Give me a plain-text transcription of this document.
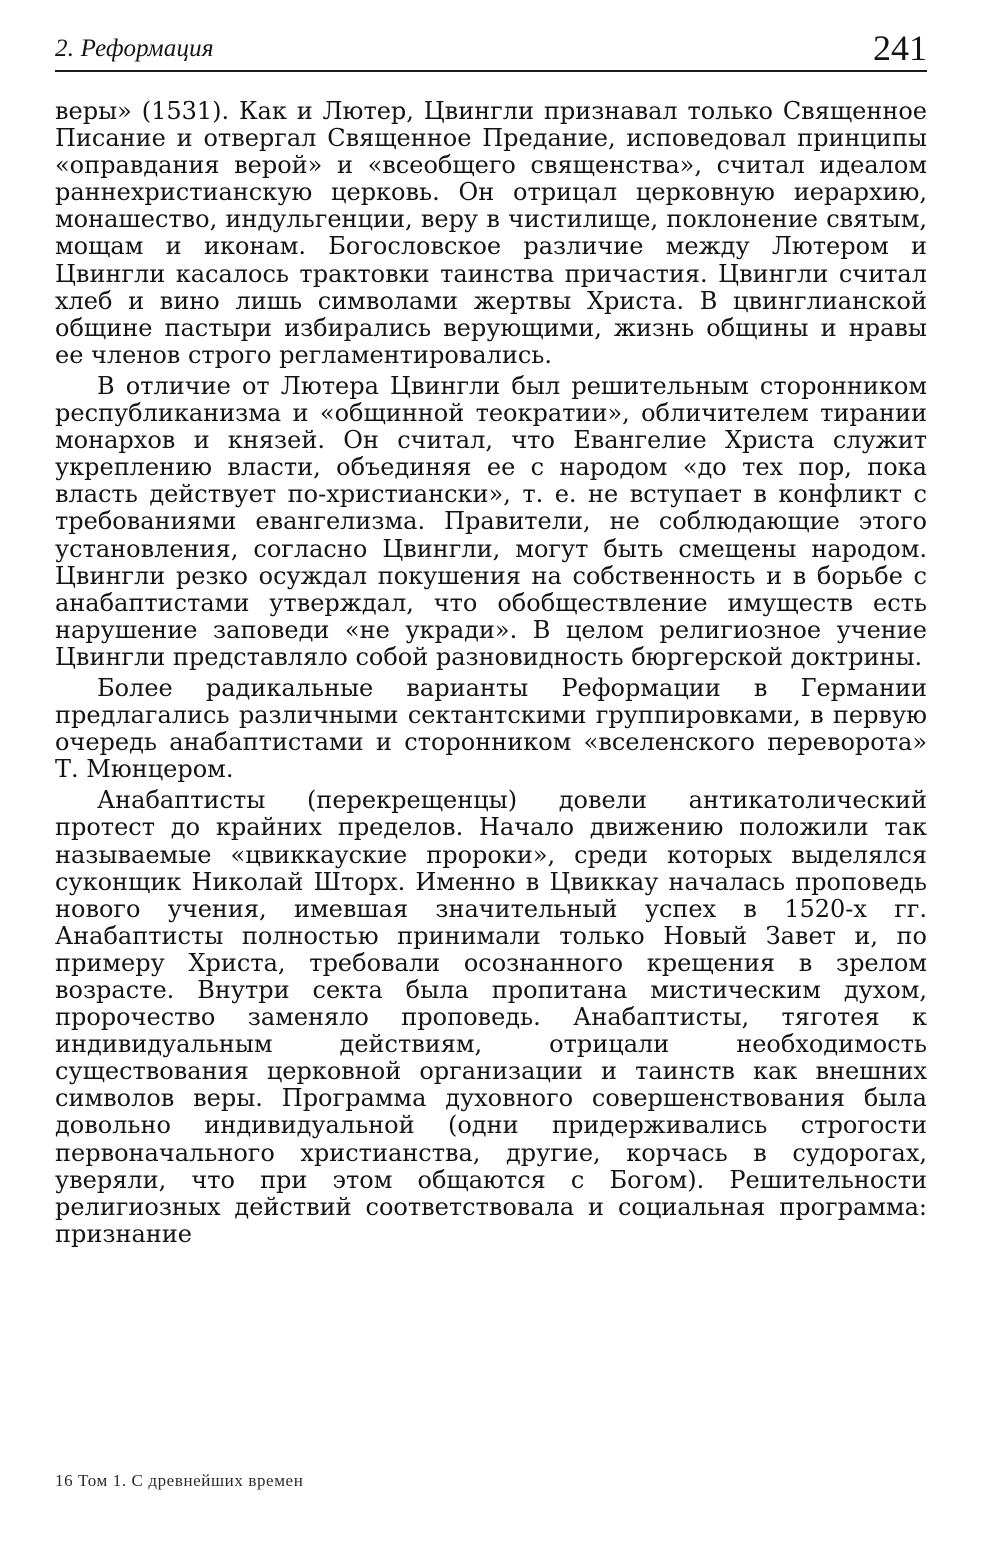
2. Реформация	241

веры» (1531). Как и Лютер, Цвингли признавал только Священное Писание и отвергал Священное Предание, исповедовал принципы «оправдания верой» и «всеобщего священства», считал идеалом раннехристианскую церковь. Он отрицал церковную иерархию, монашество, индульгенции, веру в чистилище, поклонение святым, мощам и иконам. Богословское различие между Лютером и Цвингли касалось трактовки таинства причастия. Цвингли считал хлеб и вино лишь символами жертвы Христа. В цвинглианской общине пастыри избирались верующими, жизнь общины и нравы ее членов строго регламентировались.

В отличие от Лютера Цвингли был решительным сторонником республиканизма и «общинной теократии», обличителем тирании монархов и князей. Он считал, что Евангелие Христа служит укреплению власти, объединяя ее с народом «до тех пор, пока власть действует по-христиански», т. е. не вступает в конфликт с требованиями евангелизма. Правители, не соблюдающие этого установления, согласно Цвингли, могут быть смещены народом. Цвингли резко осуждал покушения на собственность и в борьбе с анабаптистами утверждал, что обобществление имуществ есть нарушение заповеди «не укради». В целом религиозное учение Цвингли представляло собой разновидность бюргерской доктрины.

Более радикальные варианты Реформации в Германии предлагались различными сектантскими группировками, в первую очередь анабаптистами и сторонником «вселенского переворота» Т. Мюнцером.

Анабаптисты (перекрещенцы) довели антикатолический протест до крайних пределов. Начало движению положили так называемые «цвиккауские пророки», среди которых выделялся суконщик Николай Шторх. Именно в Цвиккау началась проповедь нового учения, имевшая значительный успех в 1520-х гг. Анабаптисты полностью принимали только Новый Завет и, по примеру Христа, требовали осознанного крещения в зрелом возрасте. Внутри секта была пропитана мистическим духом, пророчество заменяло проповедь. Анабаптисты, тяготея к индивидуальным действиям, отрицали необходимость существования церковной организации и таинств как внешних символов веры. Программа духовного совершенствования была довольно индивидуальной (одни придерживались строгости первоначального христианства, другие, корчась в судорогах, уверяли, что при этом общаются с Богом). Решительности религиозных действий соответствовала и социальная программа: признание

16 Том 1. С древнейших времен
